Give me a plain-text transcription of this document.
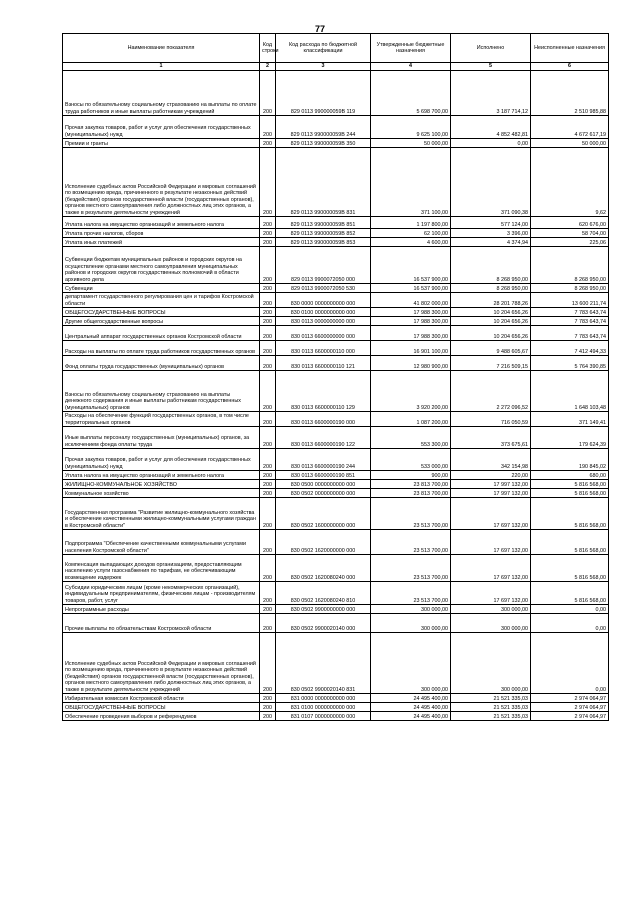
77
Наименование показателя	Код строки	Код расхода по бюджетной классификации	Утвержденные бюджетные назначения	Исполнено	Неисполненные назначения
1	2	3	4	5	6
Взносы по обязательному социальному страхованию на выплаты по оплате труда работников и иные выплаты работникам учреждений	200	829 0113 990000059В 119	5 698 700,00	3 187 714,12	2 510 985,88
Прочая закупка товаров, работ и услуг для обеспечения государственных (муниципальных) нужд	200	829 0113 990000059В 244	9 625 100,00	4 852 482,81	4 672 617,19
Премии и гранты	200	829 0113 990000059В 350	50 000,00	0,00	50 000,00
Исполнение судебных актов Российской Федерации и мировых соглашений по возмещению вреда, причиненного в результате незаконных действий (бездействия) органов государственной власти (государственных органов), органов местного самоуправления либо должностных лиц этих органов, а также в результате деятельности учреждений	200	829 0113 990000059В 831	371 100,00	371 090,38	9,62
Уплата налога на имущество организаций и земельного налога	200	829 0113 990000059В 851	1 197 800,00	577 124,00	620 676,00
Уплата прочих налогов, сборов	200	829 0113 990000059В 852	62 100,00	3 396,00	58 704,00
Уплата иных платежей	200	829 0113 990000059В 853	4 600,00	4 374,94	225,06
Субвенции бюджетам муниципальных районов и городских округов на осуществление органами местного самоуправления муниципальных районов и городских округов государственных полномочий в области архивного дела	200	829 0113 9900072050 000	16 537 900,00	8 268 950,00	8 268 950,00
Субвенции	200	829 0113 9900072050 530	16 537 900,00	8 268 950,00	8 268 950,00
департамент государственного регулирования цен и тарифов Костромской области	200	830 0000 0000000000 000	41 802 000,00	28 201 788,26	13 600 211,74
ОБЩЕГОСУДАРСТВЕННЫЕ ВОПРОСЫ	200	830 0100 0000000000 000	17 988 300,00	10 204 656,26	7 783 643,74
Другие общегосударственные вопросы	200	830 0113 0000000000 000	17 988 300,00	10 204 656,26	7 783 643,74
Центральный аппарат государственных органов Костромской области	200	830 0113 6600000000 000	17 988 300,00	10 204 656,26	7 783 643,74
Расходы на выплаты по оплате труда работников государственных органов	200	830 0113 6600000110 000	16 901 100,00	9 488 605,67	7 412 494,33
Фонд оплаты труда государственных (муниципальных) органов	200	830 0113 6600000110 121	12 980 900,00	7 216 509,15	5 764 390,85
Взносы по обязательному социальному страхованию на выплаты денежного содержания и иные выплаты работникам государственных (муниципальных) органов	200	830 0113 6600000110 129	3 920 200,00	2 272 096,52	1 648 103,48
Расходы на обеспечение функций государственных органов, в том числе территориальных органов	200	830 0113 6600000190 000	1 087 200,00	716 050,59	371 149,41
Иные выплаты персоналу государственных (муниципальных) органов, за исключением фонда оплаты труда	200	830 0113 6600000190 122	553 300,00	373 675,61	179 624,39
Прочая закупка товаров, работ и услуг для обеспечения государственных (муниципальных) нужд	200	830 0113 6600000190 244	533 000,00	342 154,98	190 845,02
Уплата налога на имущество организаций и земельного налога	200	830 0113 6600000190 851	900,00	220,00	680,00
ЖИЛИЩНО-КОММУНАЛЬНОЕ ХОЗЯЙСТВО	200	830 0500 0000000000 000	23 813 700,00	17 997 132,00	5 816 568,00
Коммунальное хозяйство	200	830 0502 0000000000 000	23 813 700,00	17 997 132,00	5 816 568,00
Государственная программа "Развитие жилищно-коммунального хозяйства и обеспечение качественными жилищно-коммунальными услугами граждан в Костромской области"	200	830 0502 1600000000 000	23 513 700,00	17 697 132,00	5 816 568,00
Подпрограмма "Обеспечение качественными коммунальными услугами населения Костромской области"	200	830 0502 1620000000 000	23 513 700,00	17 697 132,00	5 816 568,00
Компенсация выпадающих доходов организациям, предоставляющим населению услуги газоснабжения по тарифам, не обеспечивающим возмещение издержек	200	830 0502 1620080240 000	23 513 700,00	17 697 132,00	5 816 568,00
Субсидии юридическим лицам (кроме некоммерческих организаций), индивидуальным предпринимателям, физическим лицам - производителям товаров, работ, услуг	200	830 0502 1620080240 810	23 513 700,00	17 697 132,00	5 816 568,00
Непрограммные расходы	200	830 0502 9900000000 000	300 000,00	300 000,00	0,00
Прочие выплаты по обязательствам Костромской области	200	830 0502 9900020140 000	300 000,00	300 000,00	0,00
Исполнение судебных актов Российской Федерации и мировых соглашений по возмещению вреда, причиненного в результате незаконных действий (бездействия) органов государственной власти (государственных органов), органов местного самоуправления либо должностных лиц этих органов, а также в результате деятельности учреждений	200	830 0502 9900020140 831	300 000,00	300 000,00	0,00
Избирательная комиссия Костромской области	200	831 0000 0000000000 000	24 495 400,00	21 521 335,03	2 974 064,97
ОБЩЕГОСУДАРСТВЕННЫЕ ВОПРОСЫ	200	831 0100 0000000000 000	24 495 400,00	21 521 335,03	2 974 064,97
Обеспечение проведения выборов и референдумов	200	831 0107 0000000000 000	24 495 400,00	21 521 335,03	2 974 064,97
